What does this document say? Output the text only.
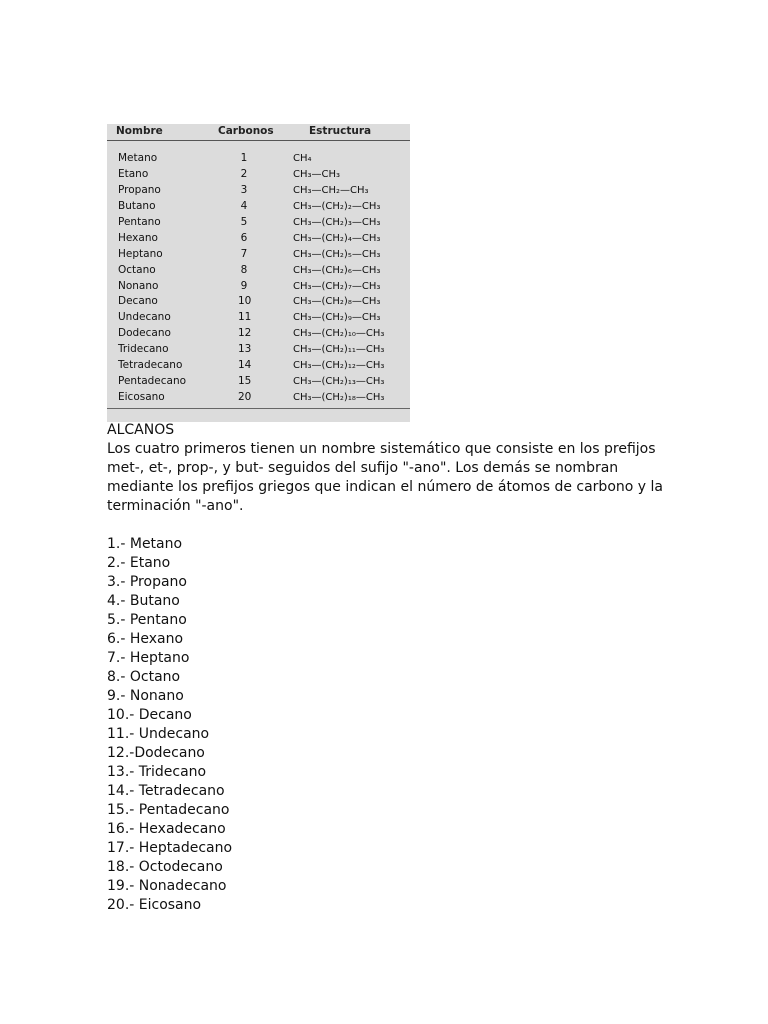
Nombre	Carbonos	Estructura
Metano	1	CH₄
Etano	2	CH₃—CH₃
Propano	3	CH₃—CH₂—CH₃
Butano	4	CH₃—(CH₂)₂—CH₃
Pentano	5	CH₃—(CH₂)₃—CH₃
Hexano	6	CH₃—(CH₂)₄—CH₃
Heptano	7	CH₃—(CH₂)₅—CH₃
Octano	8	CH₃—(CH₂)₆—CH₃
Nonano	9	CH₃—(CH₂)₇—CH₃
Decano	10	CH₃—(CH₂)₈—CH₃
Undecano	11	CH₃—(CH₂)₉—CH₃
Dodecano	12	CH₃—(CH₂)₁₀—CH₃
Tridecano	13	CH₃—(CH₂)₁₁—CH₃
Tetradecano	14	CH₃—(CH₂)₁₂—CH₃
Pentadecano	15	CH₃—(CH₂)₁₃—CH₃
Eicosano	20	CH₃—(CH₂)₁₈—CH₃

ALCANOS

Los cuatro primeros tienen un nombre sistemático que consiste en los prefijos met-, et-, prop-, y but- seguidos del sufijo "-ano". Los demás se nombran mediante los prefijos griegos que indican el número de átomos de carbono y la terminación "-ano".

1.- Metano
2.- Etano
3.- Propano
4.- Butano
5.- Pentano
6.- Hexano
7.- Heptano
8.- Octano
9.- Nonano
10.- Decano
11.- Undecano
12.-Dodecano
13.- Tridecano
14.- Tetradecano
15.- Pentadecano
16.- Hexadecano
17.- Heptadecano
18.- Octodecano
19.- Nonadecano
20.- Eicosano
